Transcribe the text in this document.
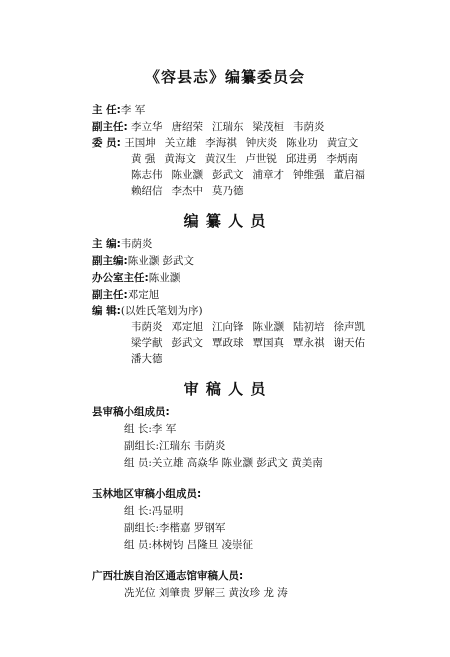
《容县志》编纂委员会
主 任:李 军
副主任: 李立华 唐绍荣 江瑞东 梁茂桓 韦荫炎
委 员: 王国坤 关立雄 李海祺 钟庆炎 陈业功 黄宣文
黄 强 黄海文 黄汉生 卢世锐 邱进勇 李炳南
陈志伟 陈业灏 彭武文 浦章才 钟维强 董启福
赖绍信 李杰中 莫乃德
编 纂 人 员
主 编:韦荫炎
副主编:陈业灏 彭武文
办公室主任:陈业灏
副主任:邓定旭
编 辑:(以姓氏笔划为序)
韦荫炎 邓定旭 江向锋 陈业灏 陆初培 徐声凯
梁学献 彭武文 覃政球 覃国真 覃永祺 谢天佑
潘大德
审 稿 人 员
县审稿小组成员:
组 长:李 军
副组长:江瑞东 韦荫炎
组 员:关立雄 高焱华 陈业灏 彭武文 黄美南
玉林地区审稿小组成员:
组 长:冯显明
副组长:李楷嘉 罗钢军
组 员:林树钧 吕隆旦 凌崇征
广西壮族自治区通志馆审稿人员:
冼光位 刘肇贵 罗解三 黄汝珍 龙 涛
